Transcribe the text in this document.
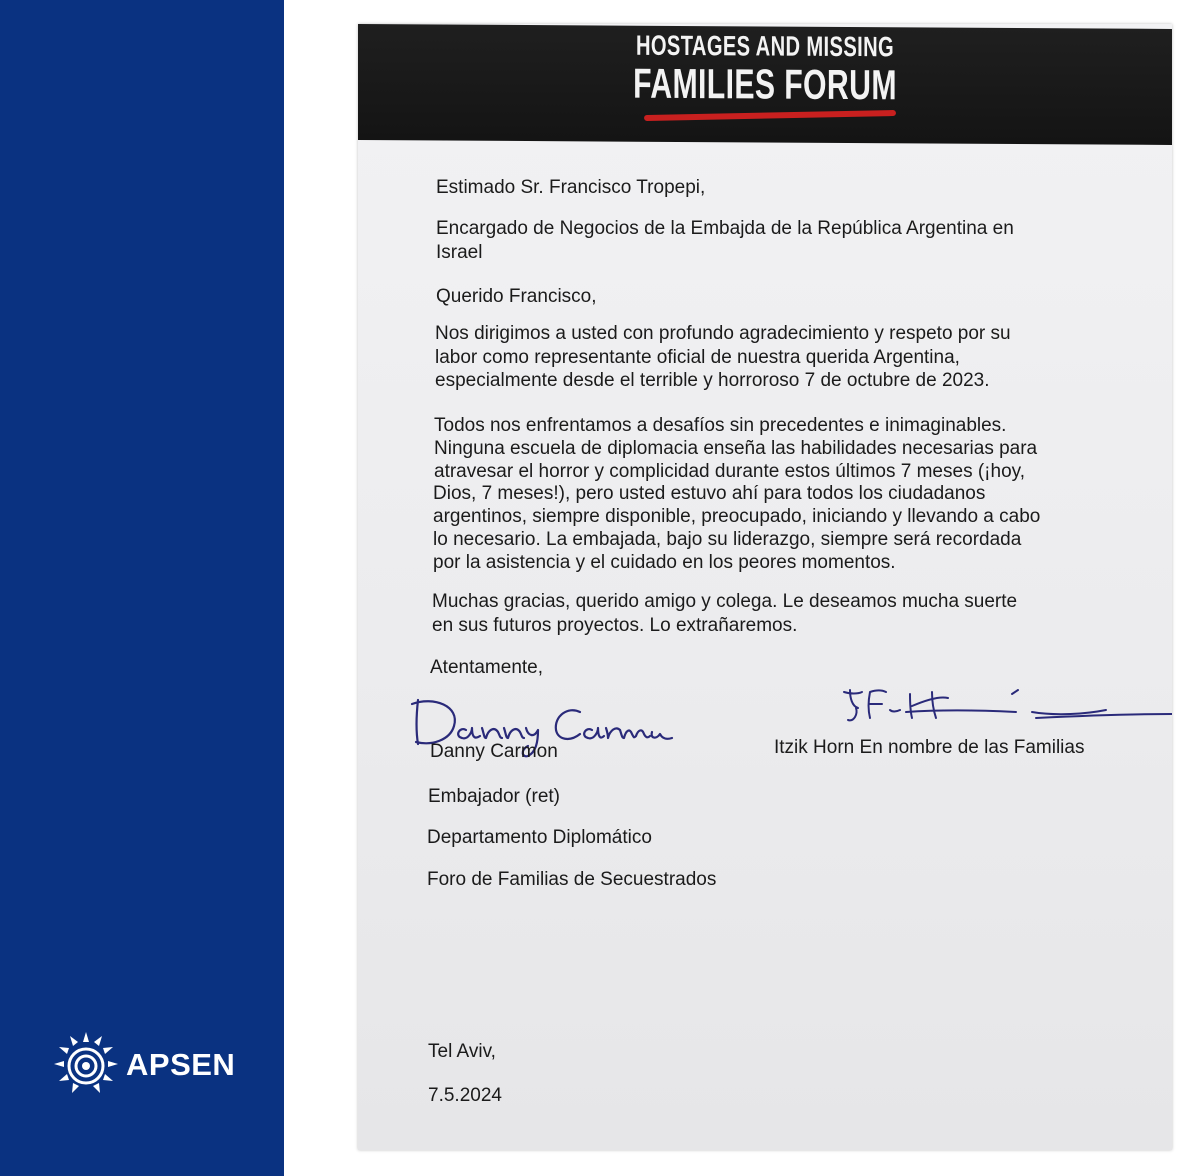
APSEN
HOSTAGES AND MISSING
FAMILIES FORUM

Estimado Sr. Francisco Tropepi,

Encargado de Negocios de la Embajda de la República Argentina en

Israel

Querido Francisco,

Nos dirigimos a usted con profundo agradecimiento y respeto por su

labor como representante oficial de nuestra querida Argentina,

especialmente desde el terrible y horroroso 7 de octubre de 2023.

Todos nos enfrentamos a desafíos sin precedentes e inimaginables.

Ninguna escuela de diplomacia enseña las habilidades necesarias para

atravesar el horror y complicidad durante estos últimos 7 meses (¡hoy,

Dios, 7 meses!), pero usted estuvo ahí para todos los ciudadanos

argentinos, siempre disponible, preocupado, iniciando y llevando a cabo

lo necesario. La embajada, bajo su liderazgo, siempre será recordada

por la asistencia y el cuidado en los peores momentos.

Muchas gracias, querido amigo y colega. Le deseamos mucha suerte

en sus futuros proyectos. Lo extrañaremos.

Atentamente,

Danny Carmon	Itzik Horn En nombre de las Familias

Embajador (ret)

Departamento Diplomático

Foro de Familias de Secuestrados

Tel Aviv,

7.5.2024
